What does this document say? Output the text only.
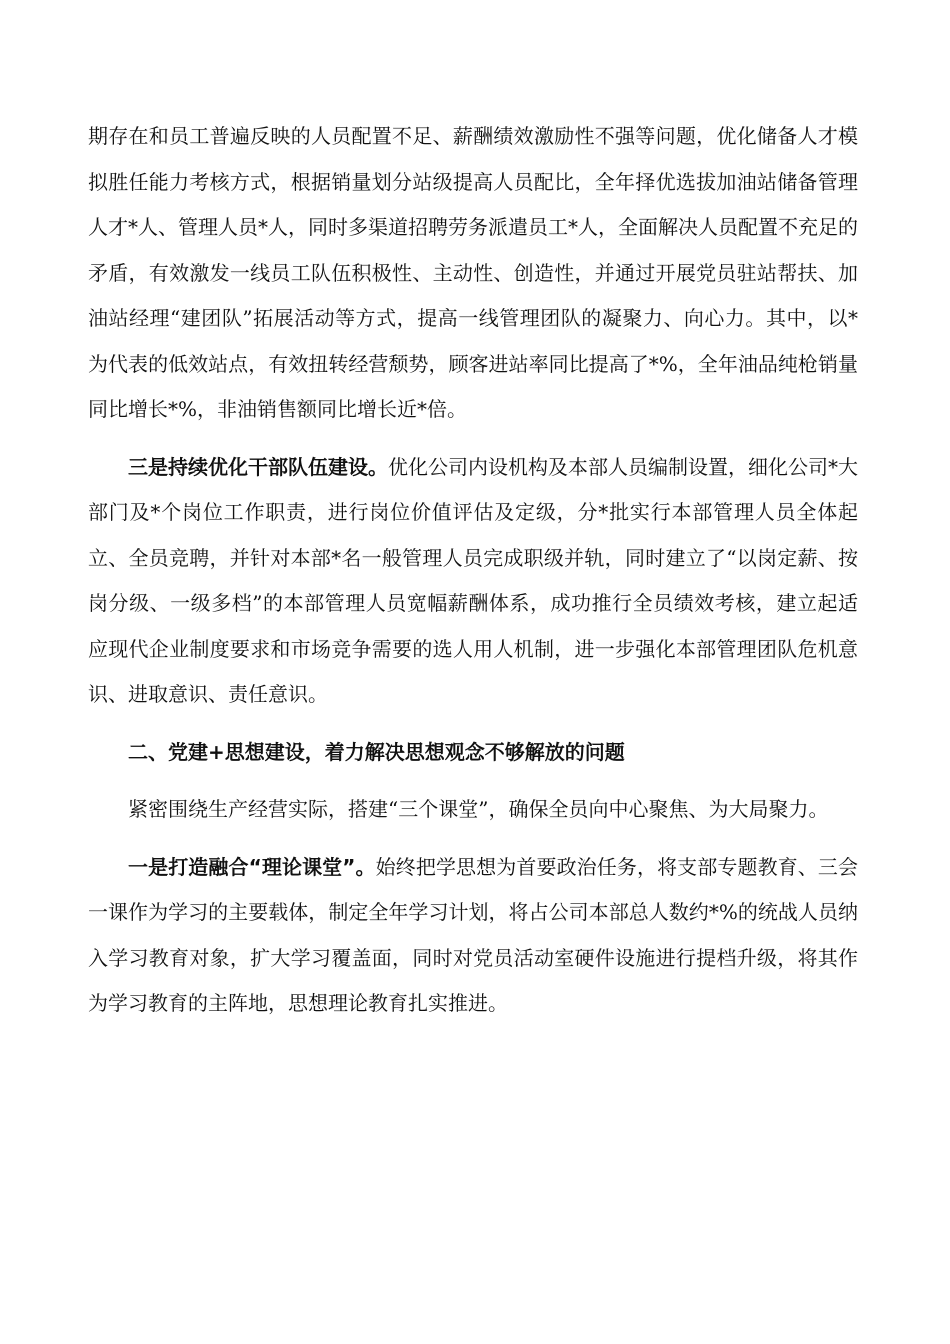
期存在和员工普遍反映的人员配置不足、薪酬绩效激励性不强等问题，优化储备人才模拟胜任能力考核方式，根据销量划分站级提高人员配比，全年择优选拔加油站储备管理人才*人、管理人员*人，同时多渠道招聘劳务派遣员工*人，全面解决人员配置不充足的矛盾，有效激发一线员工队伍积极性、主动性、创造性，并通过开展党员驻站帮扶、加油站经理“建团队”拓展活动等方式，提高一线管理团队的凝聚力、向心力。其中，以*为代表的低效站点，有效扭转经营颓势，顾客进站率同比提高了*%，全年油品纯枪销量同比增长*%，非油销售额同比增长近*倍。

三是持续优化干部队伍建设。优化公司内设机构及本部人员编制设置，细化公司*大部门及*个岗位工作职责，进行岗位价值评估及定级，分*批实行本部管理人员全体起立、全员竞聘，并针对本部*名一般管理人员完成职级并轨，同时建立了“以岗定薪、按岗分级、一级多档”的本部管理人员宽幅薪酬体系，成功推行全员绩效考核，建立起适应现代企业制度要求和市场竞争需要的选人用人机制，进一步强化本部管理团队危机意识、进取意识、责任意识。

二、党建+思想建设，着力解决思想观念不够解放的问题

紧密围绕生产经营实际，搭建“三个课堂”，确保全员向中心聚焦、为大局聚力。

一是打造融合“理论课堂”。始终把学思想为首要政治任务，将支部专题教育、三会一课作为学习的主要载体，制定全年学习计划，将占公司本部总人数约*%的统战人员纳入学习教育对象，扩大学习覆盖面，同时对党员活动室硬件设施进行提档升级，将其作为学习教育的主阵地，思想理论教育扎实推进。
